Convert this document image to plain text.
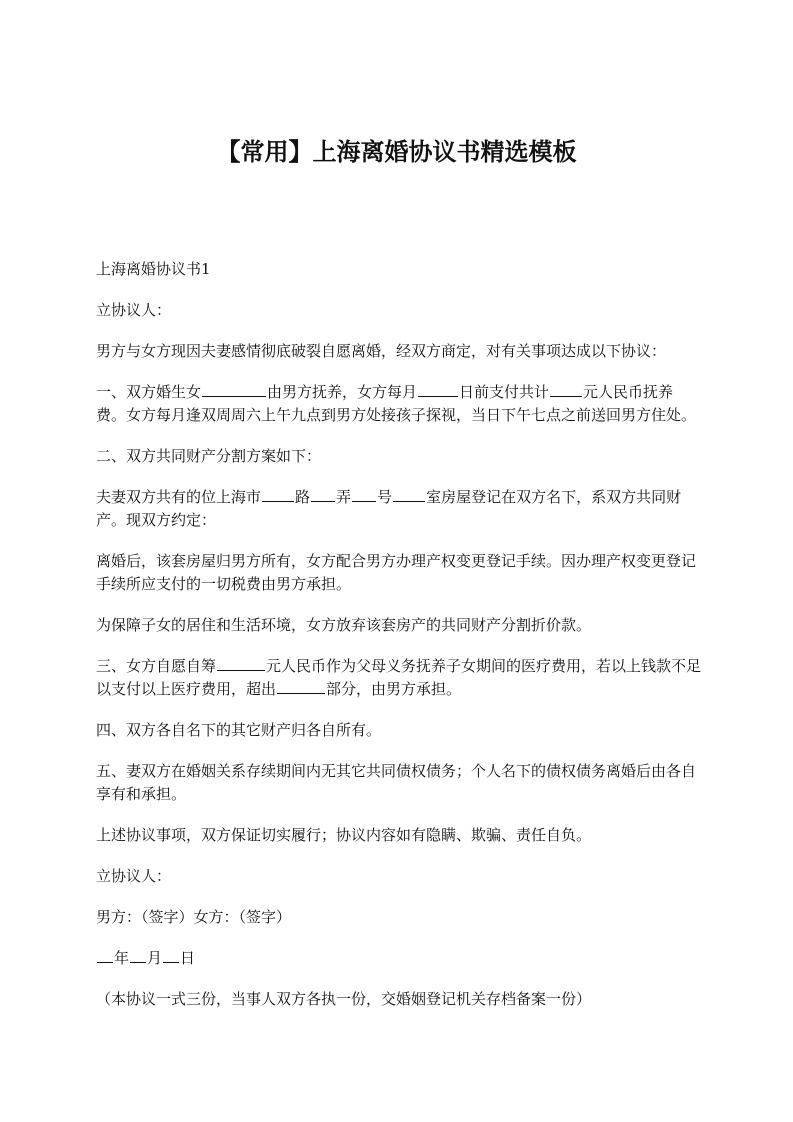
【常用】上海离婚协议书精选模板

上海离婚协议书1

立协议人：

男方与女方现因夫妻感情彻底破裂自愿离婚，经双方商定，对有关事项达成以下协议：

一、双方婚生女	由男方抚养，女方每月	日前支付共计 元人民币抚养费。女方每月逢双周周六上午九点到男方处接孩子探视，当日下午七点之前送回男方住处。

二、双方共同财产分割方案如下：

夫妻双方共有的位上海市 路 弄 号 室房屋登记在双方名下，系双方共同财产。现双方约定：

离婚后，该套房屋归男方所有，女方配合男方办理产权变更登记手续。因办理产权变更登记手续所应支付的一切税费由男方承担。

为保障子女的居住和生活环境，女方放弃该套房产的共同财产分割折价款。

三、女方自愿自筹	元人民币作为父母义务抚养子女期间的医疗费用，若以上钱款不足以支付以上医疗费用，超出	部分，由男方承担。

四、双方各自名下的其它财产归各自所有。

五、妻双方在婚姻关系存续期间内无其它共同债权债务；个人名下的债权债务离婚后由各自享有和承担。

上述协议事项，双方保证切实履行；协议内容如有隐瞒、欺骗、责任自负。

立协议人：

男方：（签字）女方：（签字）

年 月 日

（本协议一式三份，当事人双方各执一份，交婚姻登记机关存档备案一份）
